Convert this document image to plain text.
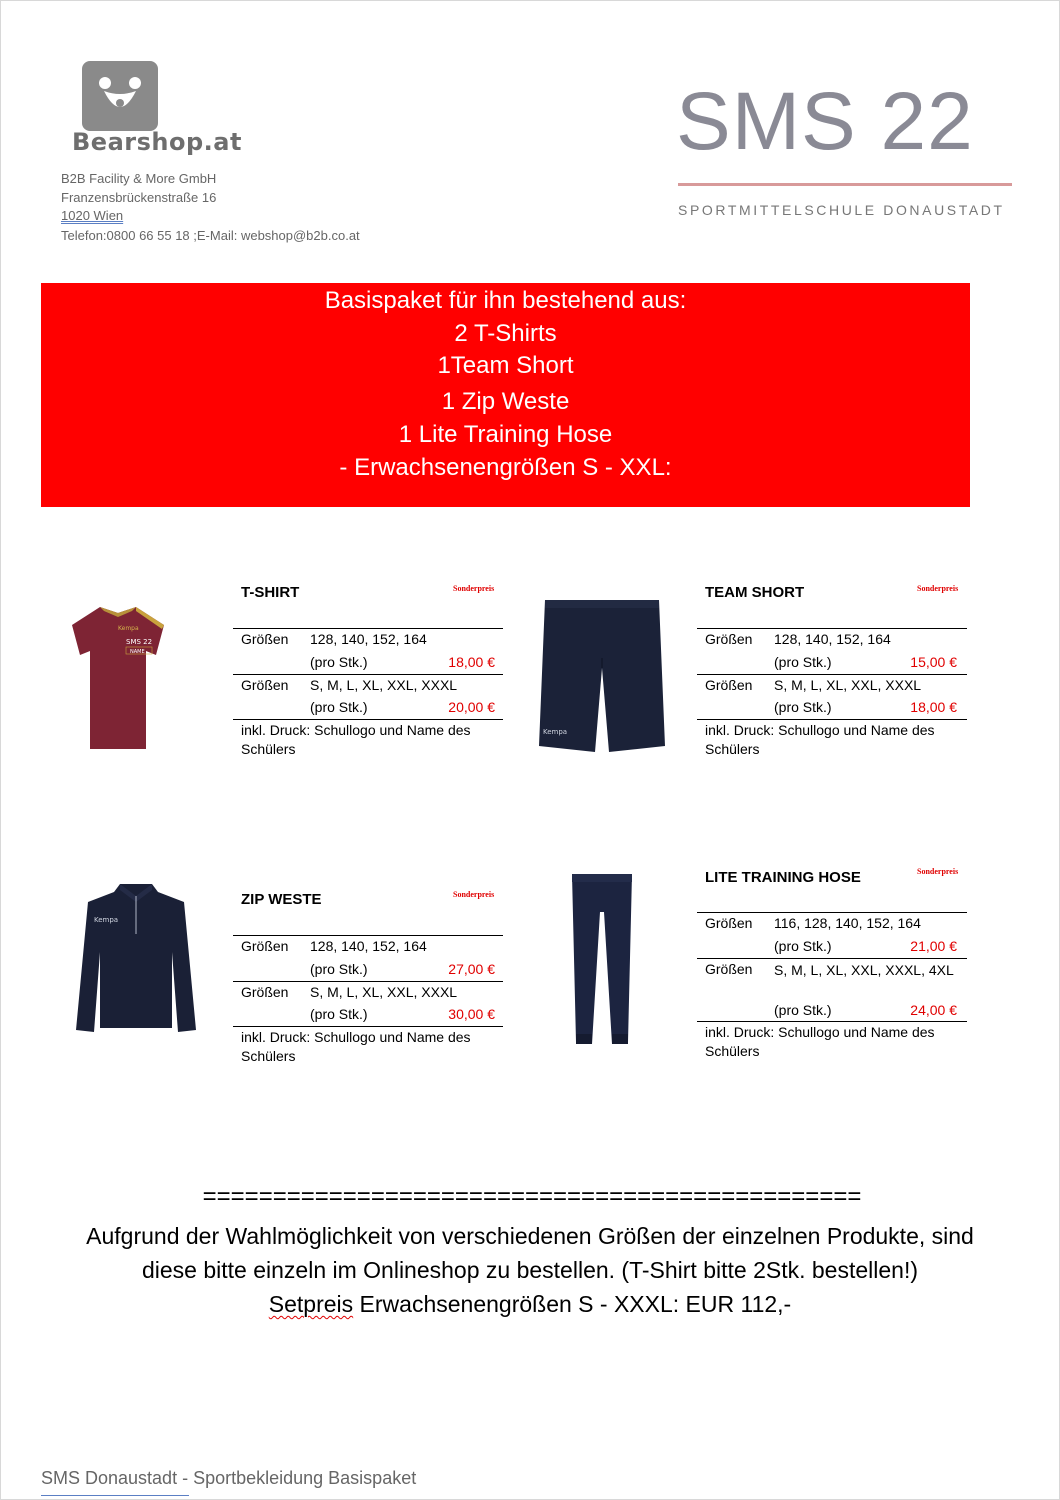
Bearshop.at
B2B Facility & More GmbH
Franzensbrückenstraße 16
1020 Wien
Telefon:0800 66 55 18 ;E-Mail: webshop@b2b.co.at
SMS 22
SPORTMITTELSCHULE DONAUSTADT
Basispaket für ihn bestehend aus:
2 T-Shirts
1Team Short
1 Zip Weste
1 Lite Training Hose
- Erwachsenengrößen S - XXL:
Kempa
SMS 22
NAME
T-SHIRT	Sonderpreis
Größen 128, 140, 152, 164
(pro Stk.)	18,00 €
Größen S, M, L, XL, XXL, XXXL
(pro Stk.)	20,00 €
inkl. Druck: Schullogo und Name des Schülers
Kempa
TEAM SHORT	Sonderpreis
Größen 128, 140, 152, 164
(pro Stk.)	15,00 €
Größen S, M, L, XL, XXL, XXXL
(pro Stk.)	18,00 €
inkl. Druck: Schullogo und Name des Schülers
Kempa
ZIP WESTE	Sonderpreis
Größen 128, 140, 152, 164
(pro Stk.)	27,00 €
Größen S, M, L, XL, XXL, XXXL
(pro Stk.)	30,00 €
inkl. Druck: Schullogo und Name des Schülers
LITE TRAINING HOSE	Sonderpreis
Größen 116, 128, 140, 152, 164
(pro Stk.)	21,00 €
Größen S, M, L, XL, XXL, XXXL, 4XL
(pro Stk.)	24,00 €
inkl. Druck: Schullogo und Name des Schülers
===============================================
Aufgrund der Wahlmöglichkeit von verschiedenen Größen der einzelnen Produkte, sind
diese bitte einzeln im Onlineshop zu bestellen. (T-Shirt bitte 2Stk. bestellen!)
Setpreis Erwachsenengrößen S - XXXL: EUR 112,-
SMS Donaustadt - Sportbekleidung Basispaket
